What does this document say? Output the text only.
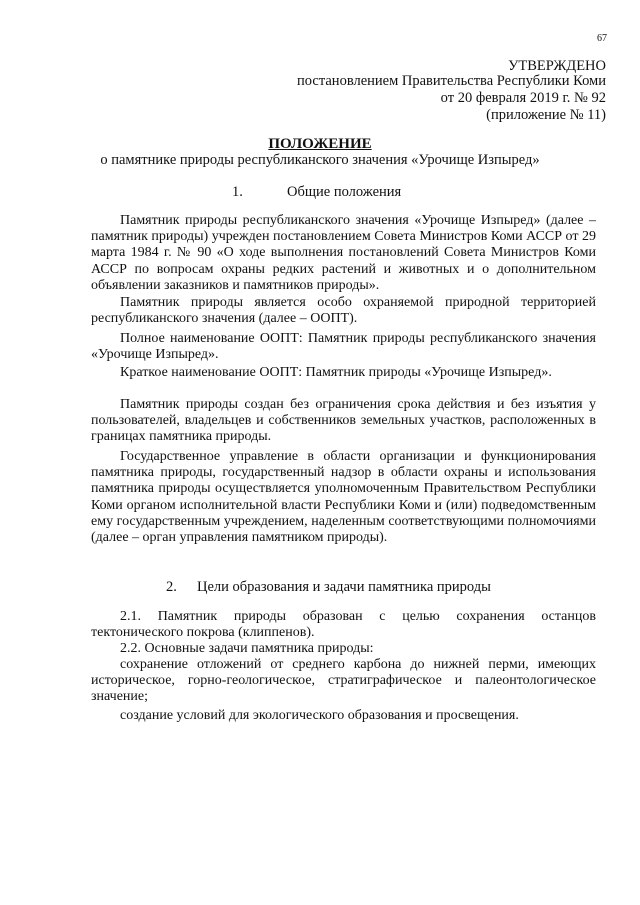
67
УТВЕРЖДЕНО
постановлением Правительства Республики Коми
от 20 февраля 2019 г. № 92
(приложение № 11)
ПОЛОЖЕНИЕ
о памятнике природы республиканского значения «Урочище Изпыред»
1.	Общие положения
Памятник природы республиканского значения «Урочище Изпыред» (далее – памятник природы) учрежден постановлением Совета Министров Коми АССР от 29 марта 1984 г. № 90 «О ходе выполнения постановлений Совета Министров Коми АССР по вопросам охраны редких растений и животных и о дополнительном объявлении заказников и памятников природы».
Памятник природы является особо охраняемой природной территорией республиканского значения (далее – ООПТ).
Полное наименование ООПТ: Памятник природы республиканского значения «Урочище Изпыред».
Краткое наименование ООПТ: Памятник природы «Урочище Изпыред».
Памятник природы создан без ограничения срока действия и без изъятия у пользователей, владельцев и собственников земельных участков, расположенных в границах памятника природы.
Государственное управление в области организации и функционирования памятника природы, государственный надзор в области охраны и использования памятника природы осуществляется уполномоченным Правительством Республики Коми органом исполнительной власти Республики Коми и (или) подведомственным ему государственным учреждением, наделенным соответствующими полномочиями (далее – орган управления памятником природы).
2. Цели образования и задачи памятника природы
2.1. Памятник природы образован с целью сохранения останцов тектонического покрова (клиппенов).
2.2. Основные задачи памятника природы:
сохранение отложений от среднего карбона до нижней перми, имеющих историческое, горно-геологическое, стратиграфическое и палеонтологическое значение;
создание условий для экологического образования и просвещения.
